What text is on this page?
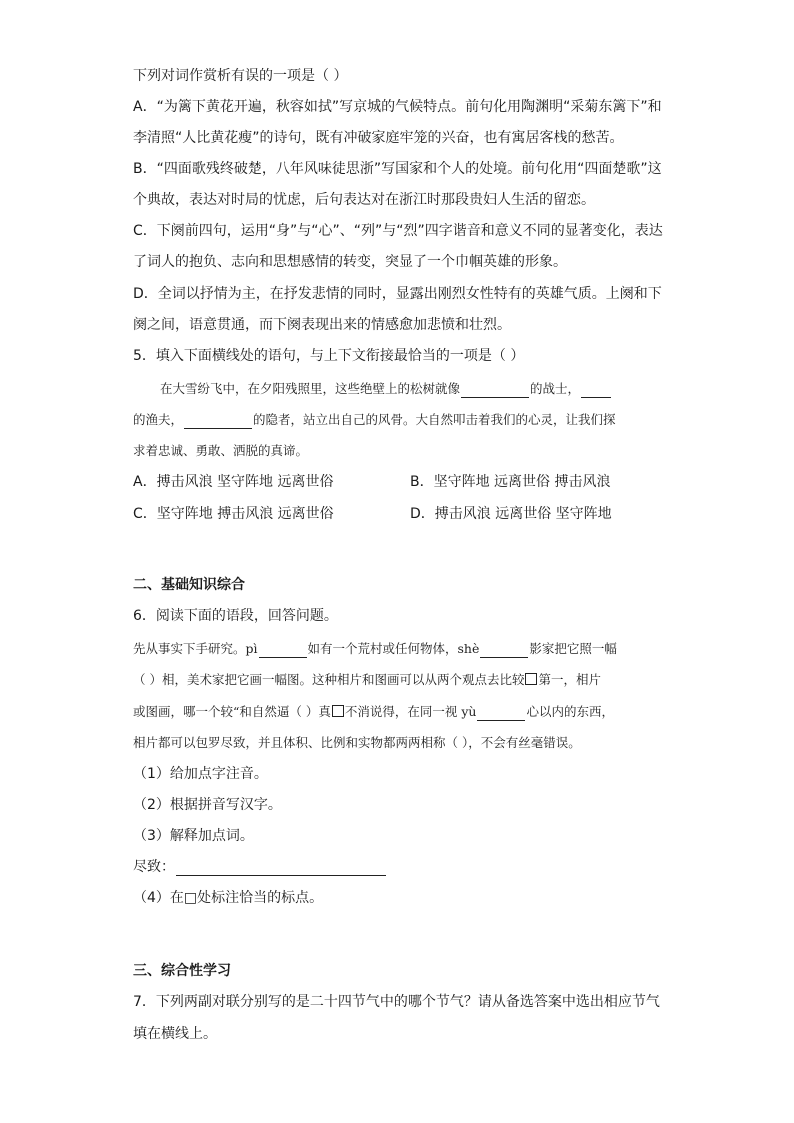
下列对词作赏析有误的一项是（ ）
A．“为篱下黄花开遍，秋容如拭”写京城的气候特点。前句化用陶渊明“采菊东篱下”和
李清照“人比黄花瘦”的诗句，既有冲破家庭牢笼的兴奋，也有寓居客栈的愁苦。
B．“四面歌残终破楚，八年风味徒思浙”写国家和个人的处境。前句化用“四面楚歌”这
个典故，表达对时局的忧虑，后句表达对在浙江时那段贵妇人生活的留恋。
C．下阕前四句，运用“身”与“心”、“列”与“烈”四字谐音和意义不同的显著变化，表达
了词人的抱负、志向和思想感情的转变，突显了一个巾帼英雄的形象。
D．全词以抒情为主，在抒发悲情的同时，显露出刚烈女性特有的英雄气质。上阕和下
阕之间，语意贯通，而下阕表现出来的情感愈加悲愤和壮烈。
5．填入下面横线处的语句，与上下文衔接最恰当的一项是（ ）
在大雪纷飞中，在夕阳残照里，这些绝壁上的松树就像	的战士，
的渔夫，	的隐者，站立出自己的风骨。大自然叩击着我们的心灵，让我们探
求着忠诚、勇敢、洒脱的真谛。
A．搏击风浪 坚守阵地 远离世俗	B．坚守阵地 远离世俗 搏击风浪
C．坚守阵地 搏击风浪 远离世俗	D．搏击风浪 远离世俗 坚守阵地
二、基础知识综合
6．阅读下面的语段，回答问题。
先从事实下手研究。pì	如有一个荒村或任何物体，shè	影家把它照一幅
（ ）相，美术家把它画一幅图。这种相片和图画可以从两个观点去比较 第一，相片
或图画，哪一个较“和自然逼（ ）真 不消说得，在同一视 yù	心以内的东西，
相片都可以包罗尽致，并且体积、比例和实物都两两相称（ ），不会有丝毫错误。
（1）给加点字注音。
（2）根据拼音写汉字。
（3）解释加点词。
尽致：
（4）在□处标注恰当的标点。
三、综合性学习
7．下列两副对联分别写的是二十四节气中的哪个节气？请从备选答案中选出相应节气
填在横线上。
